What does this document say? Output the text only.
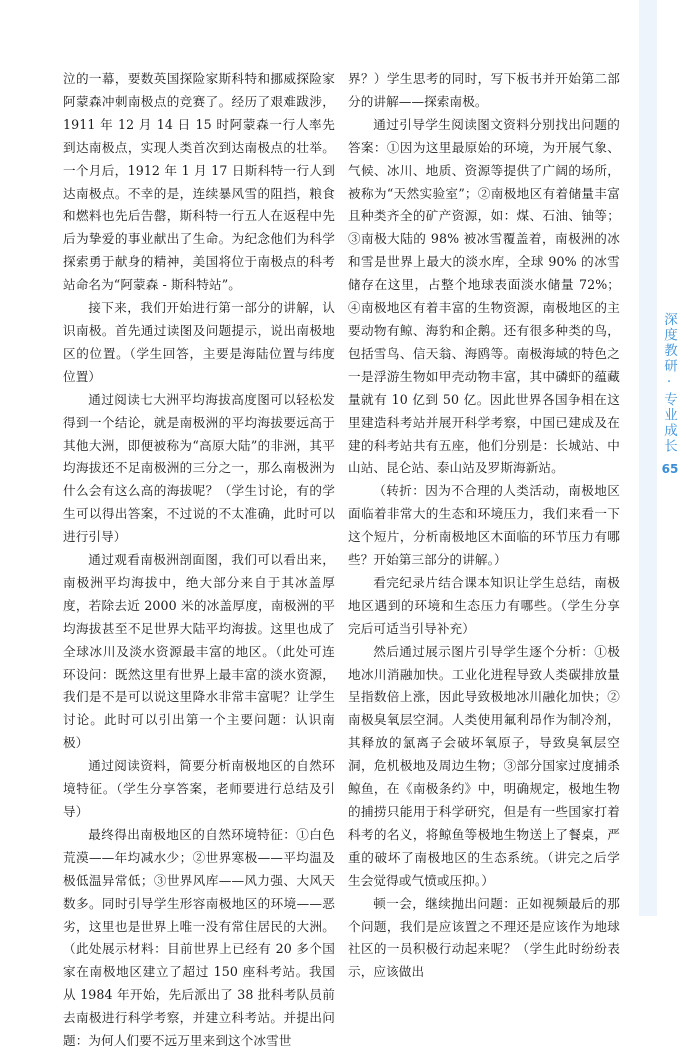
泣的一幕，要数英国探险家斯科特和挪威探险家阿蒙森冲刺南极点的竞赛了。经历了艰难跋涉，1911 年 12 月 14 日 15 时阿蒙森一行人率先到达南极点，实现人类首次到达南极点的壮举。一个月后，1912 年 1 月 17 日斯科特一行人到达南极点。不幸的是，连续暴风雪的阻挡，粮食和燃料也先后告罄，斯科特一行五人在返程中先后为挚爱的事业献出了生命。为纪念他们为科学探索勇于献身的精神，美国将位于南极点的科考站命名为“阿蒙森 - 斯科特站”。

接下来，我们开始进行第一部分的讲解，认识南极。首先通过读图及问题提示，说出南极地区的位置。（学生回答，主要是海陆位置与纬度位置）

通过阅读七大洲平均海拔高度图可以轻松发得到一个结论，就是南极洲的平均海拔要远高于其他大洲，即便被称为“高原大陆”的非洲，其平均海拔还不足南极洲的三分之一，那么南极洲为什么会有这么高的海拔呢？（学生讨论，有的学生可以得出答案，不过说的不太准确，此时可以进行引导）

通过观看南极洲剖面图，我们可以看出来，南极洲平均海拔中，绝大部分来自于其冰盖厚度，若除去近 2000 米的冰盖厚度，南极洲的平均海拔甚至不足世界大陆平均海拔。这里也成了全球冰川及淡水资源最丰富的地区。（此处可连环设问：既然这里有世界上最丰富的淡水资源，我们是不是可以说这里降水非常丰富呢？让学生讨论。此时可以引出第一个主要问题：认识南极）

通过阅读资料，简要分析南极地区的自然环境特征。（学生分享答案，老师要进行总结及引导）

最终得出南极地区的自然环境特征：①白色荒漠——年均减水少；②世界寒极——平均温及极低温异常低；③世界风库——风力强、大风天数多。同时引导学生形容南极地区的环境——恶劣，这里也是世界上唯一没有常住居民的大洲。（此处展示材料：目前世界上已经有 20 多个国家在南极地区建立了超过 150 座科考站。我国从 1984 年开始，先后派出了 38 批科考队员前去南极进行科学考察，并建立科考站。并提出问题：为何人们要不远万里来到这个冰雪世

界？）学生思考的同时，写下板书并开始第二部分的讲解——探索南极。

通过引导学生阅读图文资料分别找出问题的答案：①因为这里最原始的环境，为开展气象、气候、冰川、地质、资源等提供了广阔的场所，被称为“天然实验室”；②南极地区有着储量丰富且种类齐全的矿产资源，如：煤、石油、铀等；③南极大陆的 98% 被冰雪覆盖着，南极洲的冰和雪是世界上最大的淡水库，全球 90% 的冰雪储存在这里，占整个地球表面淡水储量 72%；④南极地区有着丰富的生物资源，南极地区的主要动物有鲸、海豹和企鹅。还有很多种类的鸟，包括雪鸟、信天翁、海鸥等。南极海域的特色之一是浮游生物如甲壳动物丰富，其中磷虾的蕴藏量就有 10 亿到 50 亿。因此世界各国争相在这里建造科考站并展开科学考察，中国已建成及在建的科考站共有五座，他们分别是：长城站、中山站、昆仑站、泰山站及罗斯海新站。

（转折：因为不合理的人类活动，南极地区面临着非常大的生态和环境压力，我们来看一下这个短片，分析南极地区木面临的环节压力有哪些？开始第三部分的讲解。）

看完纪录片结合课本知识让学生总结，南极地区遇到的环境和生态压力有哪些。（学生分享完后可适当引导补充）

然后通过展示图片引导学生逐个分析：①极地冰川消融加快。工业化进程导致人类碳排放量呈指数倍上涨，因此导致极地冰川融化加快；②南极臭氧层空洞。人类使用氟利昂作为制冷剂，其释放的氯离子会破坏氧原子，导致臭氧层空洞，危机极地及周边生物；③部分国家过度捕杀鲸鱼，在《南极条约》中，明确规定，极地生物的捕捞只能用于科学研究，但是有一些国家打着科考的名义，将鲸鱼等极地生物送上了餐桌，严重的破坏了南极地区的生态系统。（讲完之后学生会觉得或气愤或压抑。）

顿一会，继续抛出问题：正如视频最后的那个问题，我们是应该置之不理还是应该作为地球社区的一员积极行动起来呢？（学生此时纷纷表示，应该做出

深度教研·专业成长
65
